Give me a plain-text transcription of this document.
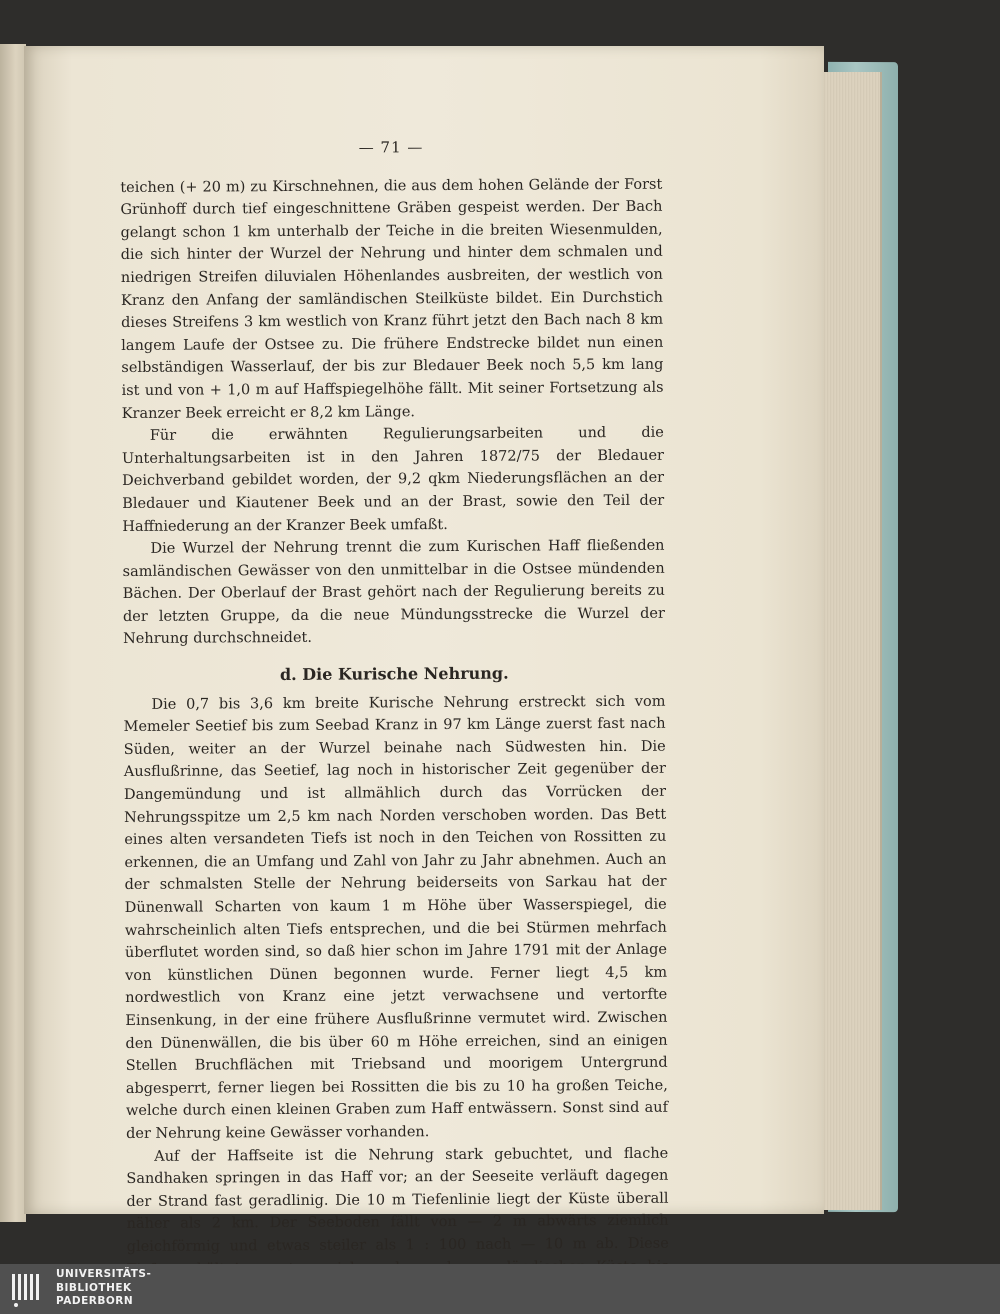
— 71 —

teichen (+ 20 m) zu Kirschnehnen, die aus dem hohen Gelände der Forst Grünhoff durch tief eingeschnittene Gräben gespeist werden. Der Bach gelangt schon 1 km unterhalb der Teiche in die breiten Wiesenmulden, die sich hinter der Wurzel der Nehrung und hinter dem schmalen und niedrigen Streifen diluvialen Höhenlandes ausbreiten, der westlich von Kranz den Anfang der samländischen Steilküste bildet. Ein Durchstich dieses Streifens 3 km westlich von Kranz führt jetzt den Bach nach 8 km langem Laufe der Ostsee zu. Die frühere Endstrecke bildet nun einen selbständigen Wasserlauf, der bis zur Bledauer Beek noch 5,5 km lang ist und von + 1,0 m auf Haffspiegelhöhe fällt. Mit seiner Fortsetzung als Kranzer Beek erreicht er 8,2 km Länge.

Für die erwähnten Regulierungsarbeiten und die Unterhaltungsarbeiten ist in den Jahren 1872/75 der Bledauer Deichverband gebildet worden, der 9,2 qkm Niederungsflächen an der Bledauer und Kiautener Beek und an der Brast, sowie den Teil der Haffniederung an der Kranzer Beek umfaßt.

Die Wurzel der Nehrung trennt die zum Kurischen Haff fließenden samländischen Gewässer von den unmittelbar in die Ostsee mündenden Bächen. Der Oberlauf der Brast gehört nach der Regulierung bereits zu der letzten Gruppe, da die neue Mündungsstrecke die Wurzel der Nehrung durchschneidet.

d. Die Kurische Nehrung.

Die 0,7 bis 3,6 km breite Kurische Nehrung erstreckt sich vom Memeler Seetief bis zum Seebad Kranz in 97 km Länge zuerst fast nach Süden, weiter an der Wurzel beinahe nach Südwesten hin. Die Ausflußrinne, das Seetief, lag noch in historischer Zeit gegenüber der Dangemündung und ist allmählich durch das Vorrücken der Nehrungsspitze um 2,5 km nach Norden verschoben worden. Das Bett eines alten versandeten Tiefs ist noch in den Teichen von Rossitten zu erkennen, die an Umfang und Zahl von Jahr zu Jahr abnehmen. Auch an der schmalsten Stelle der Nehrung beiderseits von Sarkau hat der Dünenwall Scharten von kaum 1 m Höhe über Wasserspiegel, die wahrscheinlich alten Tiefs entsprechen, und die bei Stürmen mehrfach überflutet worden sind, so daß hier schon im Jahre 1791 mit der Anlage von künstlichen Dünen begonnen wurde. Ferner liegt 4,5 km nordwestlich von Kranz eine jetzt verwachsene und vertorfte Einsenkung, in der eine frühere Ausflußrinne vermutet wird. Zwischen den Dünenwällen, die bis über 60 m Höhe erreichen, sind an einigen Stellen Bruchflächen mit Triebsand und moorigem Untergrund abgesperrt, ferner liegen bei Rossitten die bis zu 10 ha großen Teiche, welche durch einen kleinen Graben zum Haff entwässern. Sonst sind auf der Nehrung keine Gewässer vorhanden.

Auf der Haffseite ist die Nehrung stark gebuchtet, und flache Sandhaken springen in das Haff vor; an der Seeseite verläuft dagegen der Strand fast geradlinig. Die 10 m Tiefenlinie liegt der Küste überall näher als 2 km. Der Seeboden fällt von — 2 m abwärts ziemlich gleichförmig und etwas steiler als 1 : 100 nach — 10 m ab. Diese

UNIVERSITÄTS-
BIBLIOTHEK
PADERBORN
